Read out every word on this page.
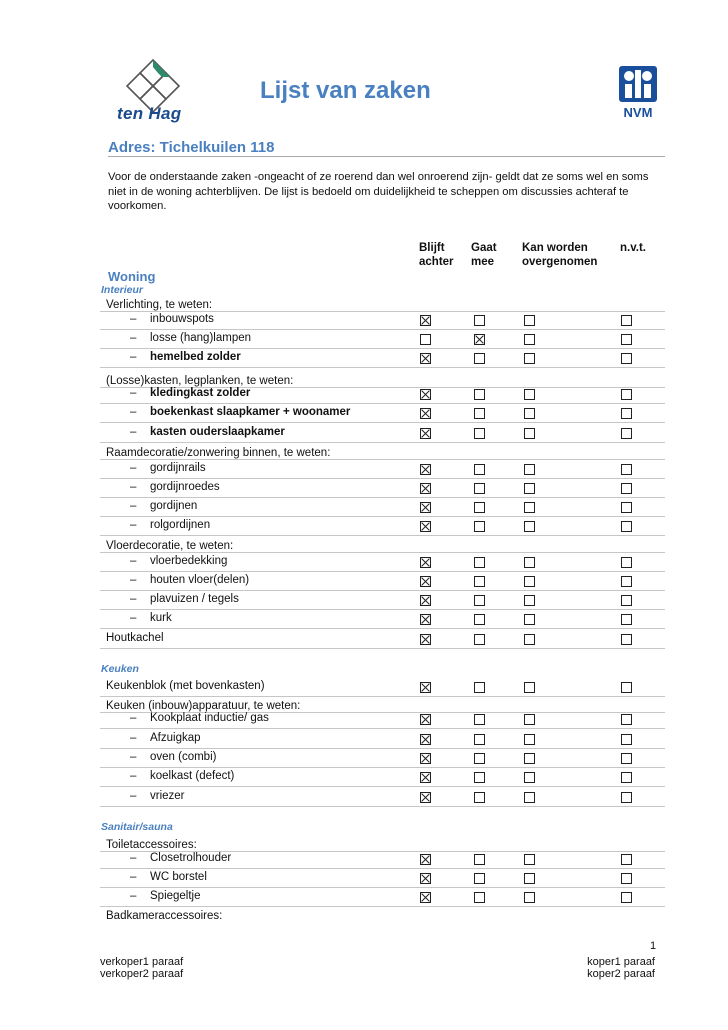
ten Hag
Lijst van zaken
NVM
Adres: Tichelkuilen 118
Voor de onderstaande zaken -ongeacht of ze roerend dan wel onroerend zijn- geldt dat ze soms wel en soms niet in de woning achterblijven. De lijst is bedoeld om duidelijkheid te scheppen om discussies achteraf te voorkomen.
Blijft
achter
Gaat
mee
Kan worden
overgenomen
n.v.t.
Woning
Interieur
Keuken
Sanitair/sauna
Verlichting, te weten:
– inbouwspots
– losse (hang)lampen
– hemelbed zolder
(Losse)kasten, legplanken, te weten:
– kledingkast zolder
– boekenkast slaapkamer + woonamer
– kasten ouderslaapkamer
Raamdecoratie/zonwering binnen, te weten:
– gordijnrails
– gordijnroedes
– gordijnen
– rolgordijnen
Vloerdecoratie, te weten:
– vloerbedekking
– houten vloer(delen)
– plavuizen / tegels
– kurk
Houtkachel
Keukenblok (met bovenkasten)
Keuken (inbouw)apparatuur, te weten:
– Kookplaat inductie/ gas
– Afzuigkap
– oven (combi)
– koelkast (defect)
– vriezer
Toiletaccessoires:
– Closetrolhouder
– WC borstel
– Spiegeltje
Badkameraccessoires:
1
verkoper1 paraaf
verkoper2 paraaf
koper1 paraaf
koper2 paraaf
